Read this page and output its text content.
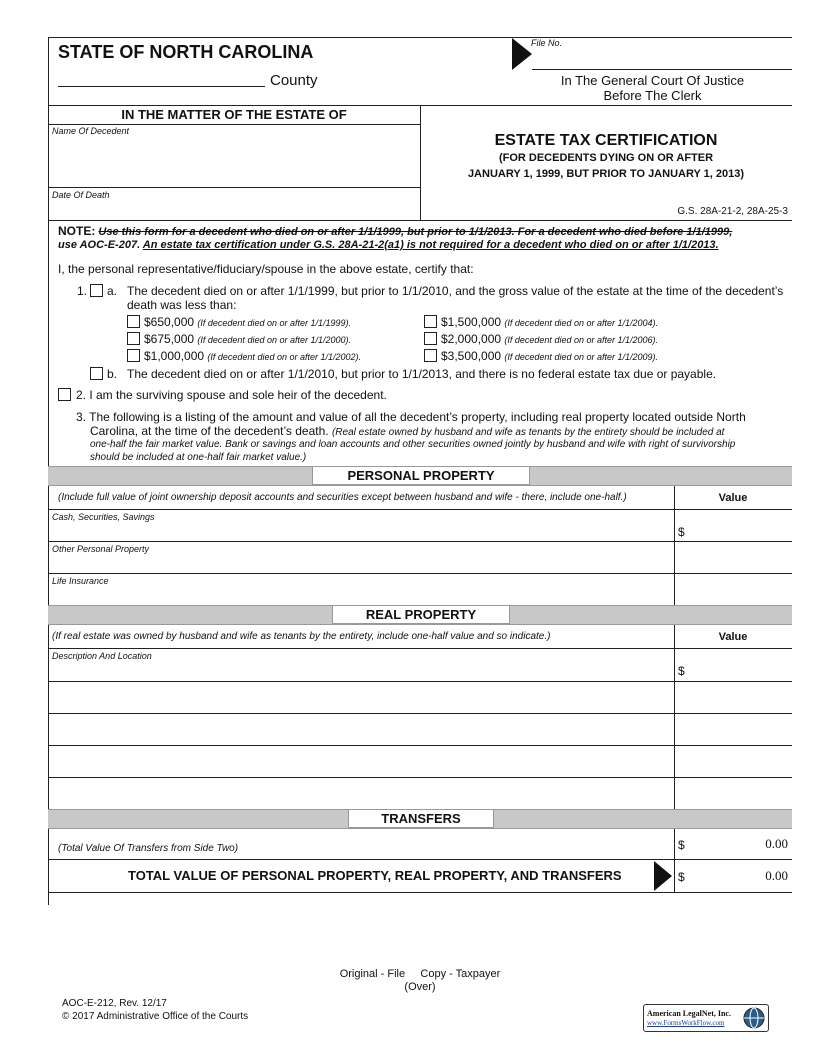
STATE OF NORTH CAROLINA
County
File No.
In The General Court Of Justice
Before The Clerk
IN THE MATTER OF THE ESTATE OF
Name Of Decedent
Date Of Death
ESTATE TAX CERTIFICATION
(FOR DECEDENTS DYING ON OR AFTER
JANUARY 1, 1999, BUT PRIOR TO JANUARY 1, 2013)
G.S. 28A-21-2, 28A-25-3
NOTE: Use this form for a decedent who died on or after 1/1/1999, but prior to 1/1/2013. For a decedent who died before 1/1/1999,
use AOC-E-207. An estate tax certification under G.S. 28A-21-2(a1) is not required for a decedent who died on or after 1/1/2013.
I, the personal representative/fiduciary/spouse in the above estate, certify that:
1. a. The decedent died on or after 1/1/1999, but prior to 1/1/2010, and the gross value of the estate at the time of the decedent’s
death was less than:
$650,000 (If decedent died on or after 1/1/1999).
$675,000 (If decedent died on or after 1/1/2000).
$1,000,000 (If decedent died on or after 1/1/2002).
$1,500,000 (If decedent died on or after 1/1/2004).
$2,000,000 (If decedent died on or after 1/1/2006).
$3,500,000 (If decedent died on or after 1/1/2009).
b. The decedent died on or after 1/1/2010, but prior to 1/1/2013, and there is no federal estate tax due or payable.
2. I am the surviving spouse and sole heir of the decedent.
3. The following is a listing of the amount and value of all the decedent’s property, including real property located outside North
Carolina, at the time of the decedent’s death. (Real estate owned by husband and wife as tenants by the entirety should be included at
one-half the fair market value. Bank or savings and loan accounts and other securities owned jointly by husband and wife with right of survivorship
should be included at one-half fair market value.)
PERSONAL PROPERTY
(Include full value of joint ownership deposit accounts and securities except between husband and wife - there, include one-half.)	Value
Cash, Securities, Savings
$
Other Personal Property
Life Insurance
REAL PROPERTY
(If real estate was owned by husband and wife as tenants by the entirety, include one-half value and so indicate.)	Value
Description And Location
$
TRANSFERS
(Total Value Of Transfers from Side Two)	$	0.00
TOTAL VALUE OF PERSONAL PROPERTY, REAL PROPERTY, AND TRANSFERS	$	0.00
Original - File     Copy - Taxpayer
(Over)
AOC-E-212, Rev. 12/17
© 2017 Administrative Office of the Courts	American LegalNet, Inc.
www.FormsWorkFlow.com
